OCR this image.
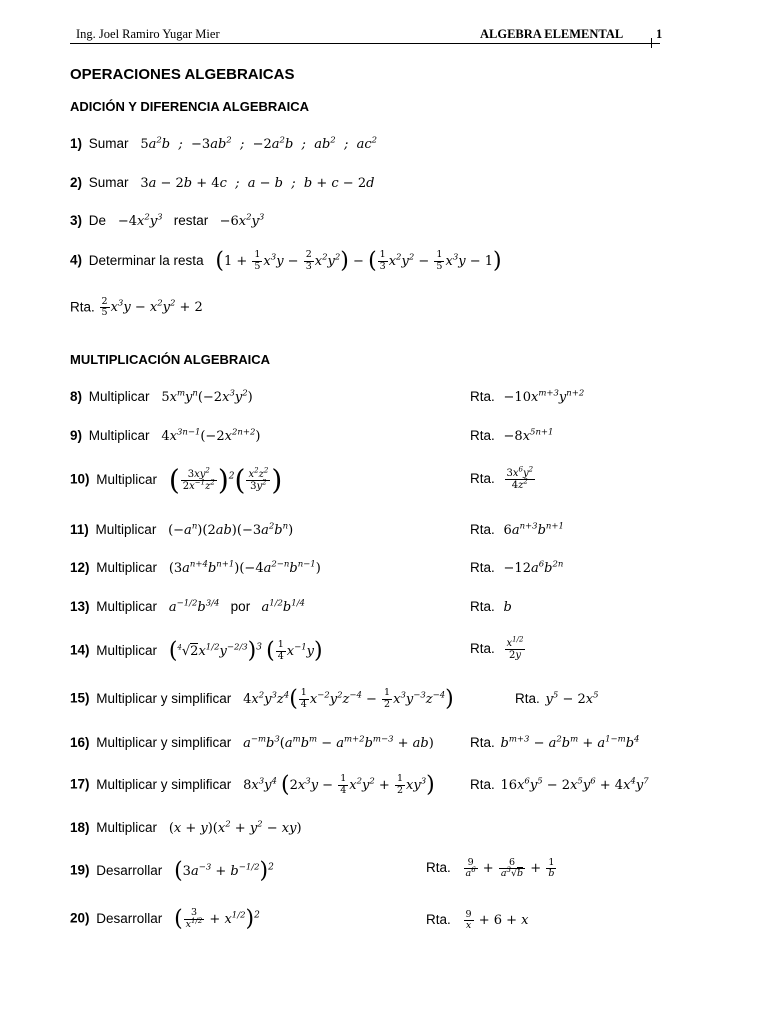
Ing. Joel Ramiro Yugar Mier	ALGEBRA ELEMENTAL	1
OPERACIONES ALGEBRAICAS
ADICIÓN Y DIFERENCIA ALGEBRAICA
1) Sumar $5a^2b$  ;  $-3ab^2$  ;  $-2a^2b$  ;  $ab^2$  ;  $ac^2$
2) Sumar 3a − 2b + 4c  ;  a − b  ;  b + c − 2d
3) $De -4x^2y^3$ restar $-6x^2y^3$
4) Determinar la resta $(1 + \frac{1}{5} x^3y - \frac{2}{3} x^2y^2)$ − ( $\frac{1}{3} x^2y^2 - \frac{1}{5} x^3y - 1$)
Rta. $\frac{2}{5} x^3y - x^2y^2 + 2$
MULTIPLICACIÓN ALGEBRAICA
8) Multiplicar $5x^my^n(-2x^3y^2)$	Rta. $-10x^{m+3}y^{n+2}$
9) Multiplicar $4x^{3n-1}(-2x^{2n+2})$	Rta. $-8x^{5n+1}$
10) Multiplicar ( $\frac{3xy^2}{2x^{-1}z^2} )^2( \frac{x^2z^2}{3y^2}$ )	Rta. $\frac{3x^6y^2}{4z^2}$
11) Multiplicar $(-a^n)(2ab)(-3a^2b^n)$	Rta. $6a^{n+3}b^{n+1}$
12) Multiplicar $(3a^{n+4}b^{n+1})(-4a^{2-n}b^{n-1})$	Rta. $-12a^6b^{2n}$
13) Multiplicar $a^{-1/2}b^{3/4}$ por $a^{1/2}b^{1/4}$	Rta. b
14) Multiplicar $(^4√2x^{1/2}y^{-2/3})^3$ ( $\frac{1}{4} x^{-1}y$)	Rta. $\frac{x^{1/2}}{2y}$
15) Multiplicar y simplificar $4x^2y^3z^4( \frac{1}{4} x^{-2}y^2z^{-4} - \frac{1}{2} x^3y^{-3}z^{-4})$	Rta. $y^5 - 2x^5$
16) Multiplicar y simplificar $a^{-m}b^3(a^mb^m - a^{m+2}b^{m-3} + ab)$	Rta. $b^{m+3} - a^2b^m + a^{1-m}b^4$
17) Multiplicar y simplificar $8x^3y^4$ $(2x^3y - \frac{1}{4} x^2y^2 + \frac{1}{2} xy^3)$	Rta. $16x^6y^5 - 2x^5y^6 + 4x^4y^7$
18) Multiplicar $(x + y)(x^2 + y^2 - xy)$
19) Desarrollar $(3a^{-3} + b^{-1/2})^2$	Rta. $\frac{9}{a^6} + \frac{6}{a^3√b} + \frac{1}{b}$
20) Desarrollar ( $\frac{3}{x^{1/2}} + x^{1/2})^2$	Rta. $\frac{9}{x} + 6 + x$
